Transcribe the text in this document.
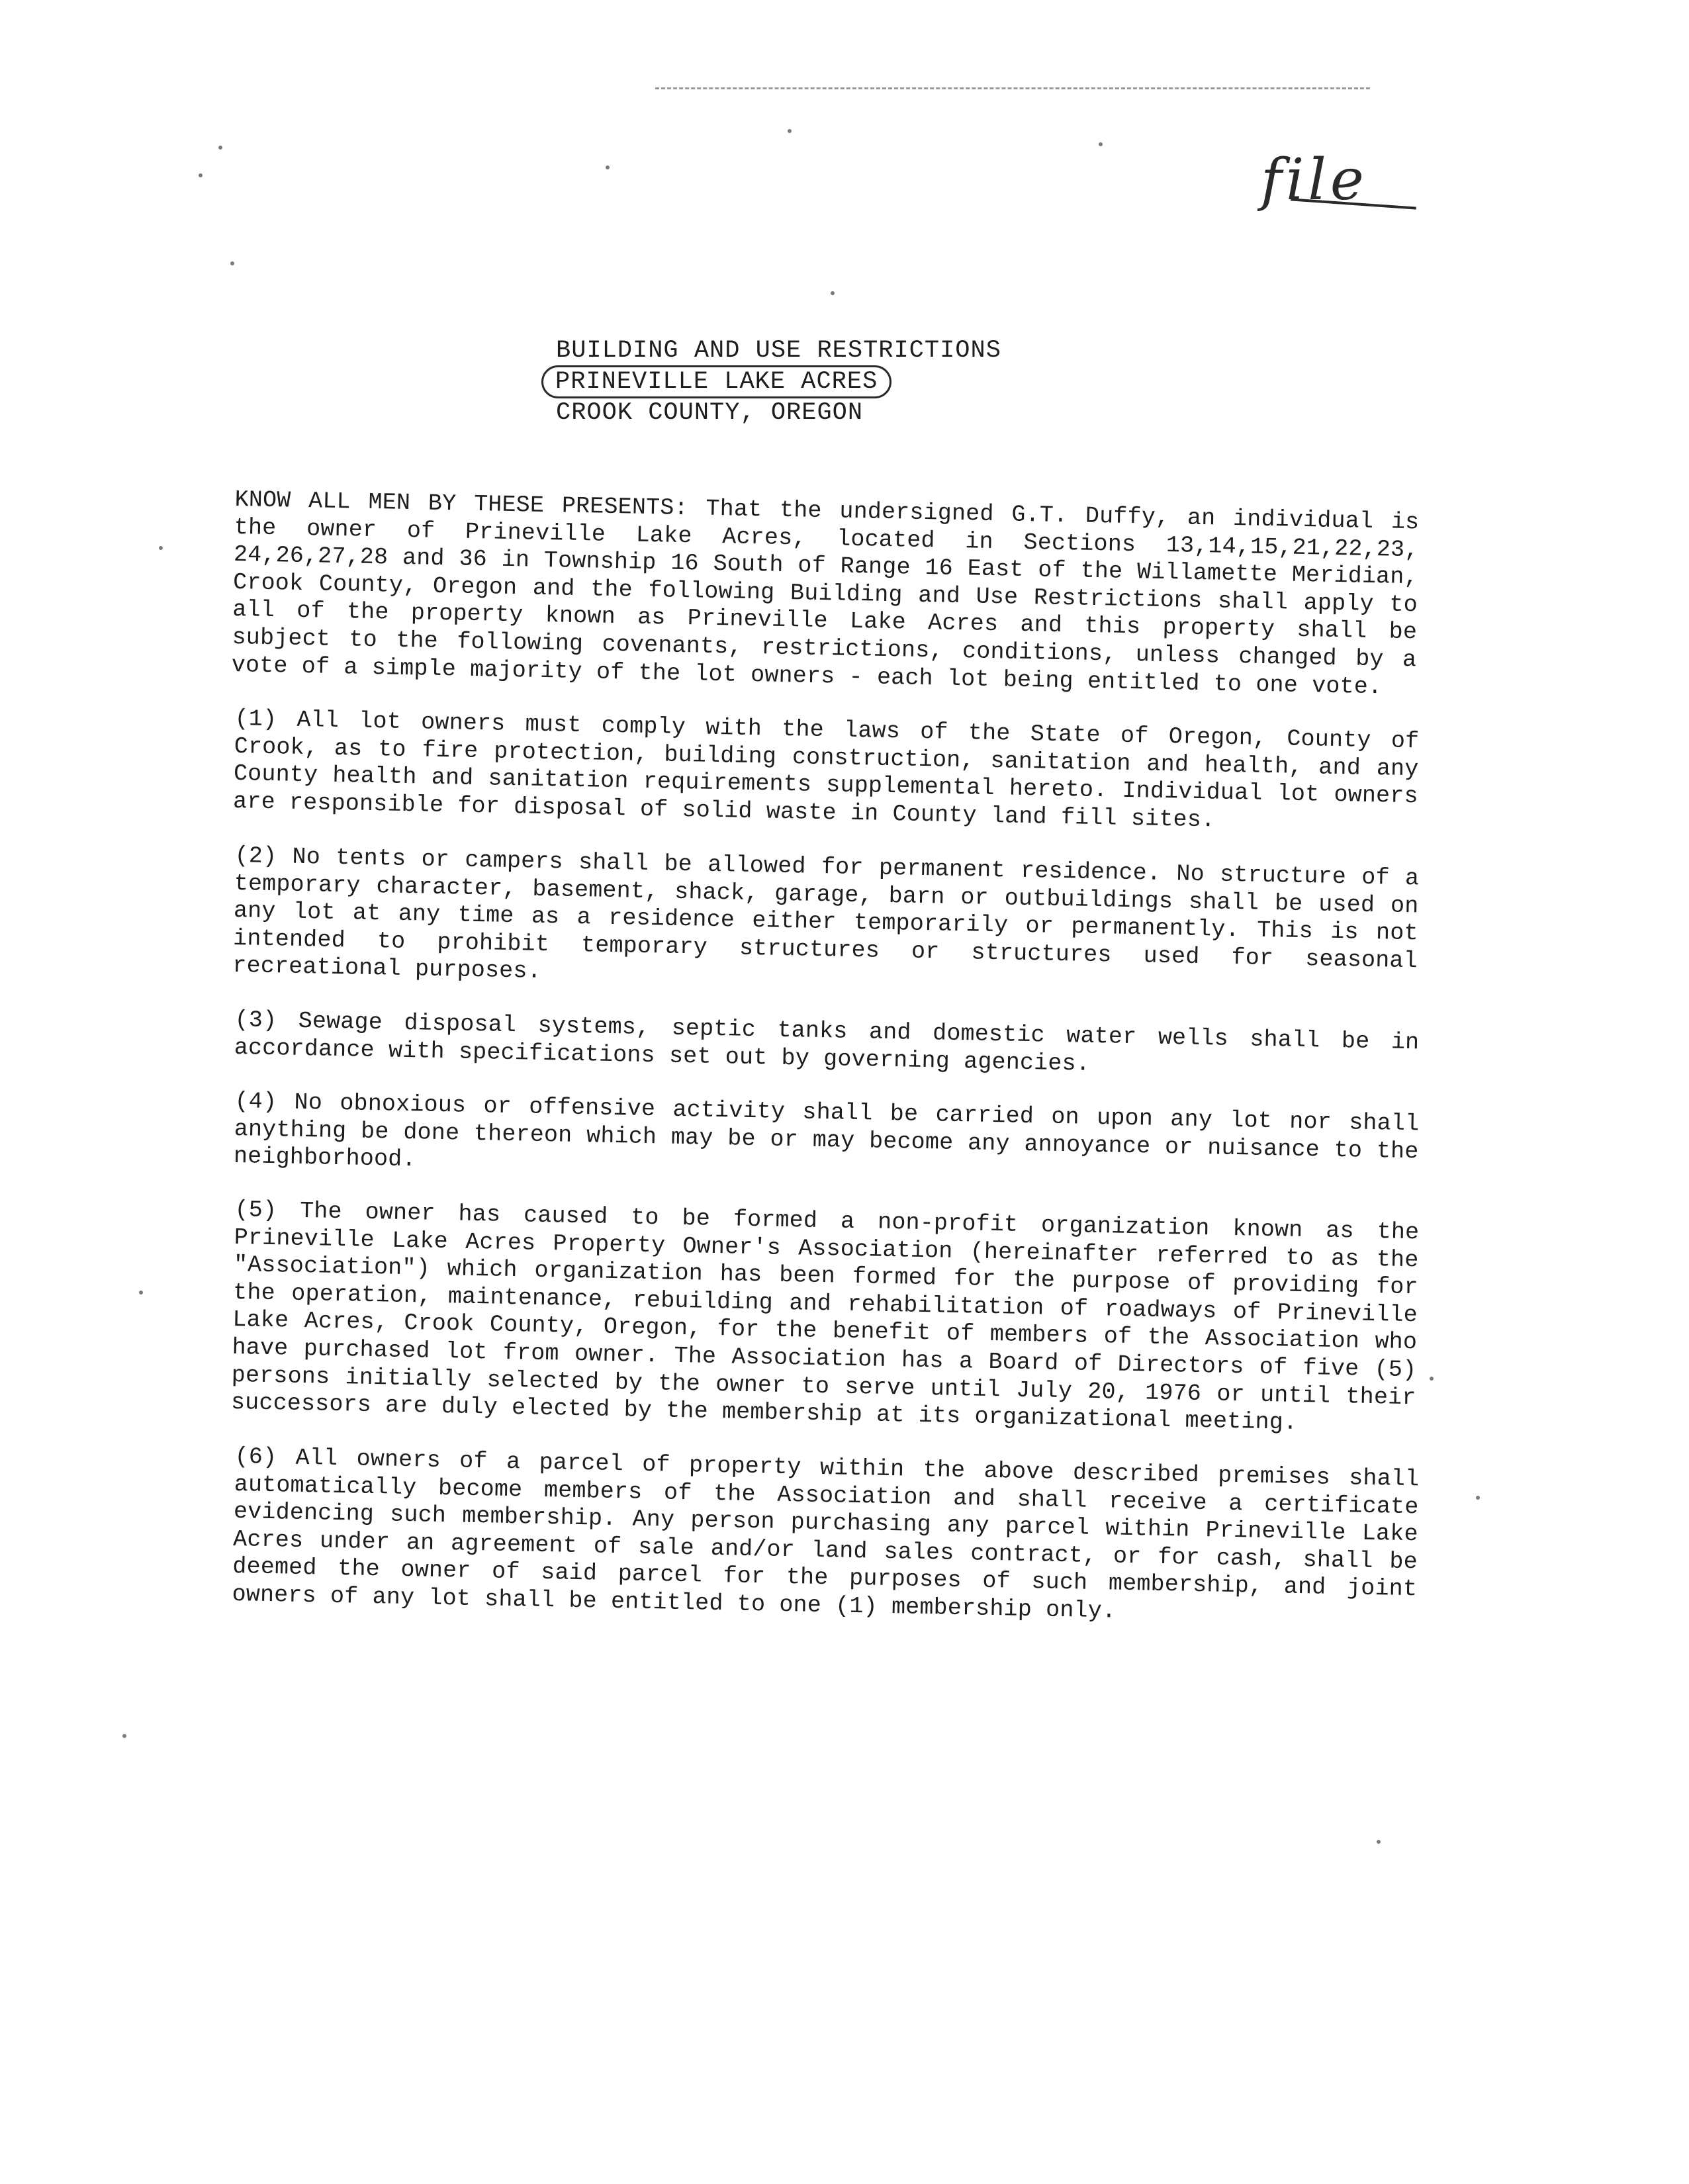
file
BUILDING AND USE RESTRICTIONS
PRINEVILLE LAKE ACRES
CROOK COUNTY, OREGON

KNOW ALL MEN BY THESE PRESENTS: That the undersigned G.T. Duffy, an individual is the owner of Prineville Lake Acres, located in Sections 13,14,15,21,22,23, 24,26,27,28 and 36 in Township 16 South of Range 16 East of the Willamette Meridian, Crook County, Oregon and the following Building and Use Restrictions shall apply to all of the property known as Prineville Lake Acres and this property shall be subject to the following covenants, restrictions, conditions, unless changed by a vote of a simple majority of the lot owners - each lot being entitled to one vote.

(1) All lot owners must comply with the laws of the State of Oregon, County of Crook, as to fire protection, building construction, sanitation and health, and any County health and sanitation requirements supplemental hereto. Individual lot owners are responsible for disposal of solid waste in County land fill sites.

(2) No tents or campers shall be allowed for permanent residence. No structure of a temporary character, basement, shack, garage, barn or outbuildings shall be used on any lot at any time as a residence either temporarily or permanently. This is not intended to prohibit temporary structures or structures used for seasonal recreational purposes.

(3) Sewage disposal systems, septic tanks and domestic water wells shall be in accordance with specifications set out by governing agencies.

(4) No obnoxious or offensive activity shall be carried on upon any lot nor shall anything be done thereon which may be or may become any annoyance or nuisance to the neighborhood.

(5) The owner has caused to be formed a non-profit organization known as the Prineville Lake Acres Property Owner's Association (hereinafter referred to as the "Association") which organization has been formed for the purpose of providing for the operation, maintenance, rebuilding and rehabilitation of roadways of Prineville Lake Acres, Crook County, Oregon, for the benefit of members of the Association who have purchased lot from owner. The Association has a Board of Directors of five (5) persons initially selected by the owner to serve until July 20, 1976 or until their successors are duly elected by the membership at its organizational meeting.

(6) All owners of a parcel of property within the above described premises shall automatically become members of the Association and shall receive a certificate evidencing such membership. Any person purchasing any parcel within Prineville Lake Acres under an agreement of sale and/or land sales contract, or for cash, shall be deemed the owner of said parcel for the purposes of such membership, and joint owners of any lot shall be entitled to one (1) membership only.
